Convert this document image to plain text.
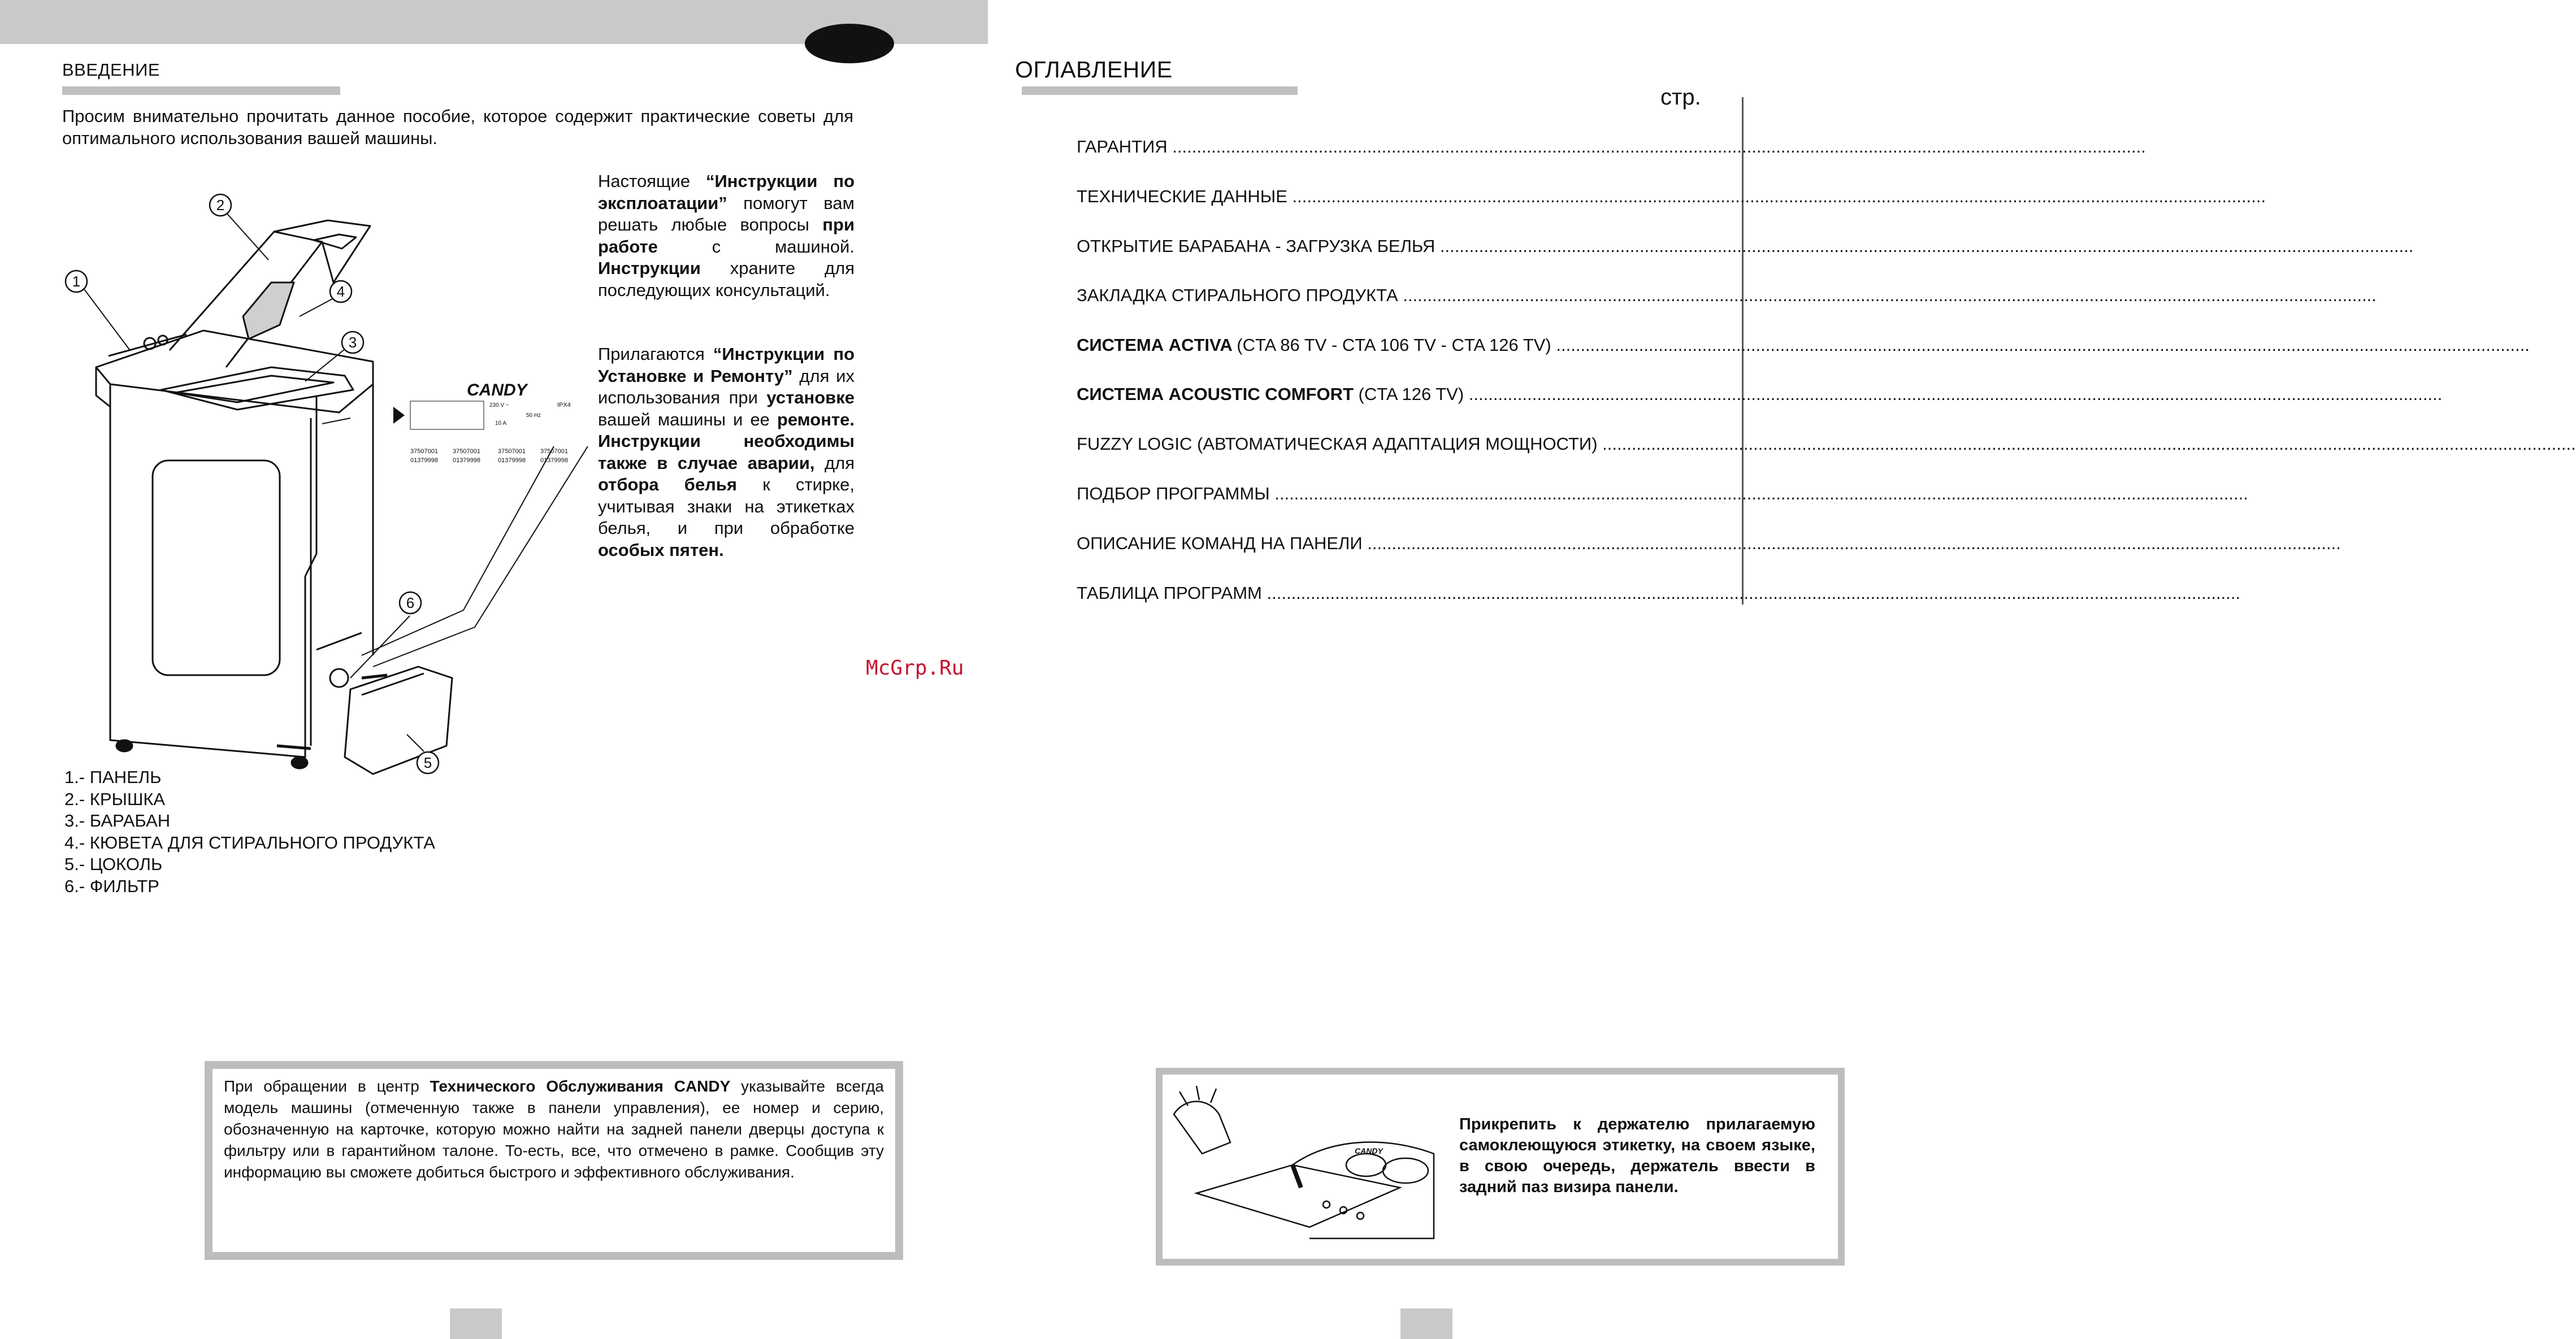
ВВЕДЕНИЕ
Просим внимательно прочитать данное пособие, которое содержит практические советы для оптимального использования вашей машины.
Настоящие “Инструкции по эксплоатации” помогут вам решать любые вопросы при работе с машиной. Инструкции храните для последующих консультаций.
Прилагаются “Инструкции по Установке и Ремонту” для их использования при установке вашей машины и ее ремонте. Инструкции необходимы также в случае аварии, для отбора белья к стирке, учитывая знаки на этикетках белья, и при обработке особых пятен.
1
2
3
4
5
6
CANDY
IPX4
230 V ~
50 Hz
10 A
37507001 37507001	37507001 37507001
01379998 01379998	01379998 01379998
1.- ПАНЕЛЬ
2.- КРЫШКА
3.- БАРАБАН
4.- КЮВЕТА ДЛЯ СТИРАЛЬНОГО ПРОДУКТА
5.- ЦОКОЛЬ
6.- ФИЛЬТР
При обращении в центр Технического Обслуживания CANDY указывайте всегда модель машины (отмеченную также в панели управления), ее номер и серию, обозначенную на карточке, которую можно найти на задней панели дверцы доступа к фильтру или в гарантийном талоне. То-есть, все, что отмечено в рамке. Сообщив эту информацию вы сможете добиться быстрого и эффективного обслуживания.
McGrp.Ru
ОГЛАВЛЕНИЕ
стр.
ГАРАНТИЯ ........................................................................................................................................................................................................
ТЕХНИЧЕСКИЕ ДАННЫЕ ........................................................................................................................................................................................................
ОТКРЫТИЕ БАРАБАНА - ЗАГРУЗКА БЕЛЬЯ ........................................................................................................................................................................................................
ЗАКЛАДКА СТИРАЛЬНОГО ПРОДУКТА ........................................................................................................................................................................................................
СИСТЕМА ACTIVA (CTA 86 TV - CTA 106 TV - CTA 126 TV) ........................................................................................................................................................................................................
СИСТЕМА ACOUSTIC COMFORT (CTA 126 TV) ........................................................................................................................................................................................................
FUZZY LOGIC (АВТОМАТИЧЕСКАЯ АДАПТАЦИЯ МОЩНОСТИ) ........................................................................................................................................................................................................
ПОДБОР ПРОГРАММЫ ........................................................................................................................................................................................................
ОПИСАНИЕ КОМАНД НА ПАНЕЛИ ........................................................................................................................................................................................................
ТАБЛИЦА ПРОГРАММ ........................................................................................................................................................................................................
CANDY
Прикрепить к держателю прилагаемую самоклеющуюся этикетку, на своем языке, в свою очередь, держатель ввести в задний паз визира панели.
